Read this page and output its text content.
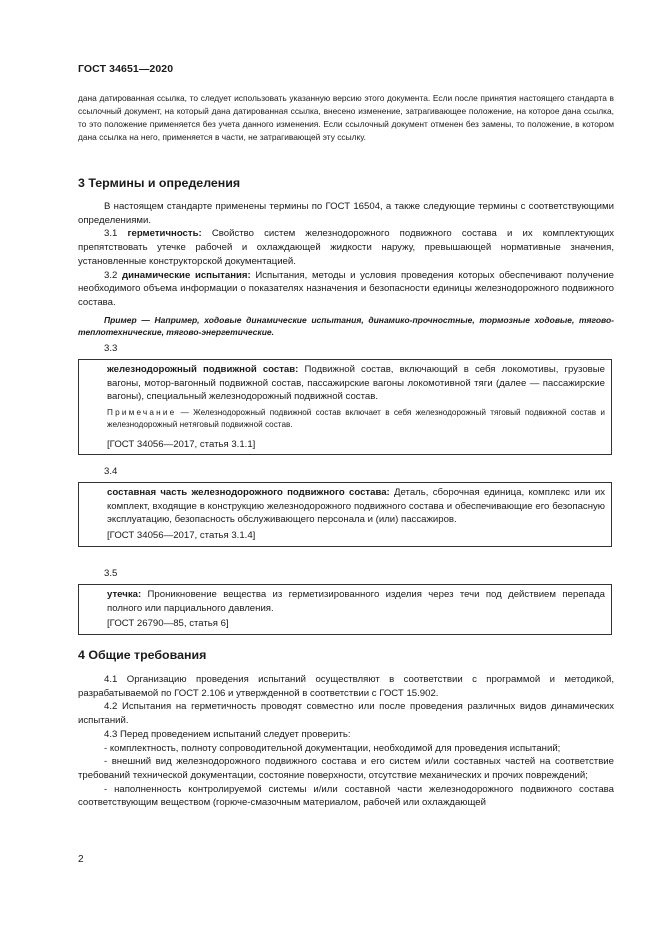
ГОСТ 34651—2020

дана датированная ссылка, то следует использовать указанную версию этого документа. Если после принятия настоящего стандарта в ссылочный документ, на который дана датированная ссылка, внесено изменение, затрагивающее положение, на которое дана ссылка, то это положение применяется без учета данного изменения. Если ссылочный документ отменен без замены, то положение, в котором дана ссылка на него, применяется в части, не затрагивающей эту ссылку.

3 Термины и определения

В настоящем стандарте применены термины по ГОСТ 16504, а также следующие термины с соответствующими определениями.

3.1 герметичность: Свойство систем железнодорожного подвижного состава и их комплектующих препятствовать утечке рабочей и охлаждающей жидкости наружу, превышающей нормативные значения, установленные конструкторской документацией.

3.2 динамические испытания: Испытания, методы и условия проведения которых обеспечивают получение необходимого объема информации о показателях назначения и безопасности единицы железнодорожного подвижного состава.

Пример — Например, ходовые динамические испытания, динамико-прочностные, тормозные ходовые, тягово-теплотехнические, тягово-энергетические.

3.3

железнодорожный подвижной состав: Подвижной состав, включающий в себя локомотивы, грузовые вагоны, мотор-вагонный подвижной состав, пассажирские вагоны локомотивной тяги (далее — пассажирские вагоны), специальный железнодорожный подвижной состав.

Примечание — Железнодорожный подвижной состав включает в себя железнодорожный тяговый подвижной состав и железнодорожный нетяговый подвижной состав.

[ГОСТ 34056—2017, статья 3.1.1]

3.4

составная часть железнодорожного подвижного состава: Деталь, сборочная единица, комплекс или их комплект, входящие в конструкцию железнодорожного подвижного состава и обеспечивающие его безопасную эксплуатацию, безопасность обслуживающего персонала и (или) пассажиров.

[ГОСТ 34056—2017, статья 3.1.4]

3.5

утечка: Проникновение вещества из герметизированного изделия через течи под действием перепада полного или парциального давления.

[ГОСТ 26790—85, статья 6]

4 Общие требования

4.1 Организацию проведения испытаний осуществляют в соответствии с программой и методикой, разрабатываемой по ГОСТ 2.106 и утвержденной в соответствии с ГОСТ 15.902.

4.2 Испытания на герметичность проводят совместно или после проведения различных видов динамических испытаний.

4.3 Перед проведением испытаний следует проверить:

- комплектность, полноту сопроводительной документации, необходимой для проведения испытаний;

- внешний вид железнодорожного подвижного состава и его систем и/или составных частей на соответствие требований технической документации, состояние поверхности, отсутствие механических и прочих повреждений;

- наполненность контролируемой системы и/или составной части железнодорожного подвижного состава соответствующим веществом (горюче-смазочным материалом, рабочей или охлаждающей

2
